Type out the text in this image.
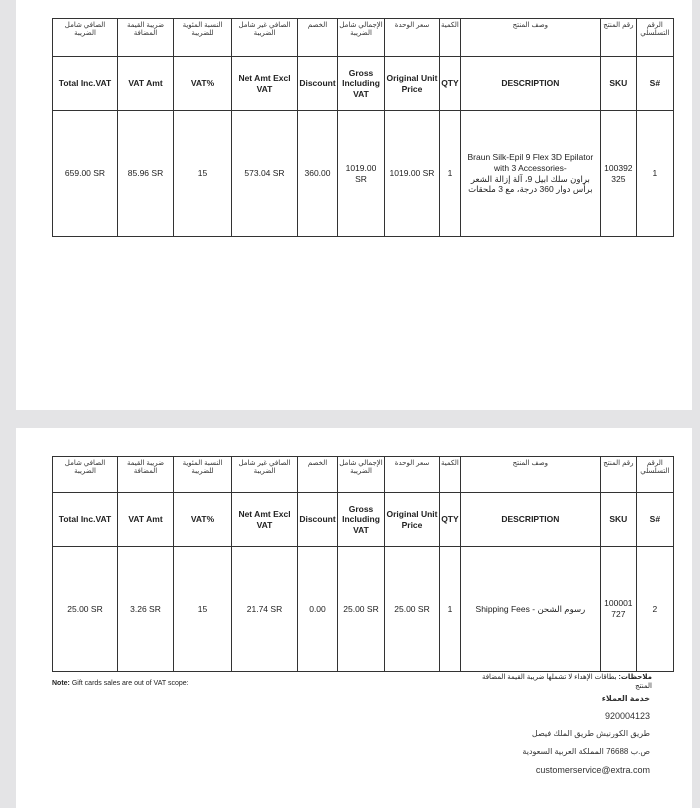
الصافي شامل الضريبة	ضريبة القيمة المضافة	النسبة المئوية للضريبة	الصافي غير شامل الضريبة	الخصم	الإجمالي شامل الضريبة	سعر الوحدة	الكمية	وصف المنتج	رقم المنتج	الرقم التسلسلي
Total Inc.VAT	VAT Amt	VAT%	Net Amt Excl VAT	Discount	Gross Including VAT	Original Unit Price	QTY	DESCRIPTION	SKU	S#
659.00 SR	85.96 SR	15	573.04 SR	360.00	1019.00 SR	1019.00 SR	1	Braun Silk-Epil 9 Flex 3D Epilator with 3 Accessories-
براون سلك ابيل 9، آلة إزالة الشعر برأس دوار 360 درجة، مع 3 ملحقات	100392325	1
الصافي شامل الضريبة	ضريبة القيمة المضافة	النسبة المئوية للضريبة	الصافي غير شامل الضريبة	الخصم	الإجمالي شامل الضريبة	سعر الوحدة	الكمية	وصف المنتج	رقم المنتج	الرقم التسلسلي
Total Inc.VAT	VAT Amt	VAT%	Net Amt Excl VAT	Discount	Gross Including VAT	Original Unit Price	QTY	DESCRIPTION	SKU	S#
25.00 SR	3.26 SR	15	21.74 SR	0.00	25.00 SR	25.00 SR	1	Shipping Fees - رسوم الشحن	100001727	2
Note: Gift cards sales are out of VAT scope:
ملاحظات: بطاقات الإهداء لا تشملها ضريبة القيمة المضافة
المنتج
خدمة العملاء
920004123
طريق الكورنيش طريق الملك فيصل
ص.ب 76688 المملكة العربية السعودية
customerservice@extra.com
